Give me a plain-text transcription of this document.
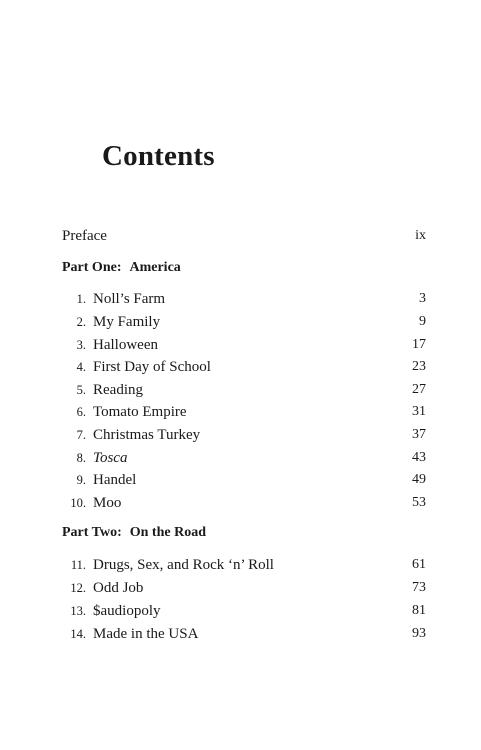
Contents
Preface	ix
Part One: America
1. Noll’s Farm	3
2. My Family	9
3. Halloween	17
4. First Day of School	23
5. Reading	27
6. Tomato Empire	31
7. Christmas Turkey	37
8. Tosca	43
9. Handel	49
10. Moo	53
Part Two: On the Road
11. Drugs, Sex, and Rock ‘n’ Roll	61
12. Odd Job	73
13. $audiopoly	81
14. Made in the USA	93
